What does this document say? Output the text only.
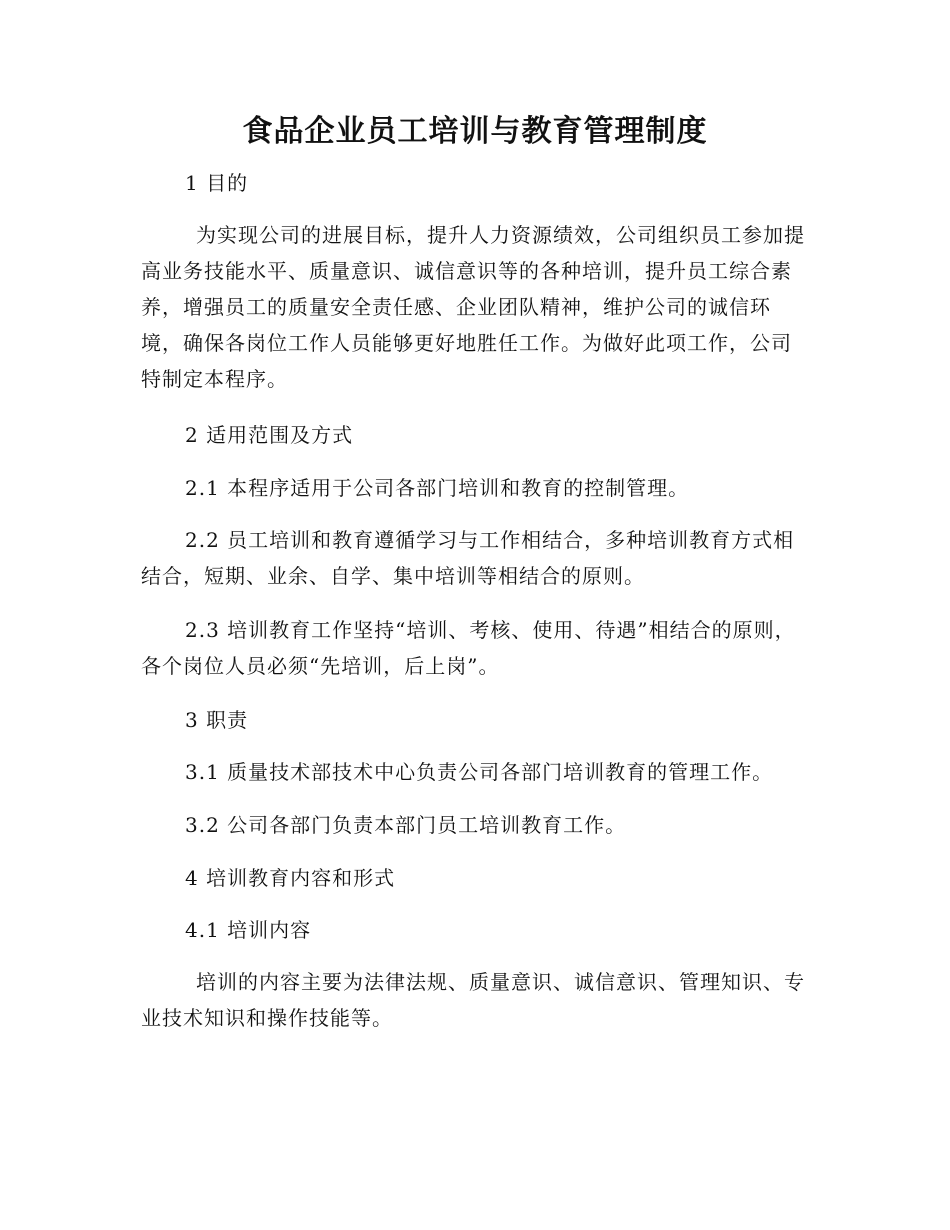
食品企业员工培训与教育管理制度
1 目的
为实现公司的进展目标，提升人力资源绩效，公司组织员工参加提高业务技能水平、质量意识、诚信意识等的各种培训，提升员工综合素养，增强员工的质量安全责任感、企业团队精神，维护公司的诚信环境，确保各岗位工作人员能够更好地胜任工作。为做好此项工作，公司特制定本程序。
2 适用范围及方式
2.1 本程序适用于公司各部门培训和教育的控制管理。
2.2 员工培训和教育遵循学习与工作相结合，多种培训教育方式相结合，短期、业余、自学、集中培训等相结合的原则。
2.3 培训教育工作坚持“培训、考核、使用、待遇”相结合的原则，各个岗位人员必须“先培训，后上岗”。
3 职责
3.1 质量技术部技术中心负责公司各部门培训教育的管理工作。
3.2 公司各部门负责本部门员工培训教育工作。
4 培训教育内容和形式
4.1 培训内容
培训的内容主要为法律法规、质量意识、诚信意识、管理知识、专业技术知识和操作技能等。
